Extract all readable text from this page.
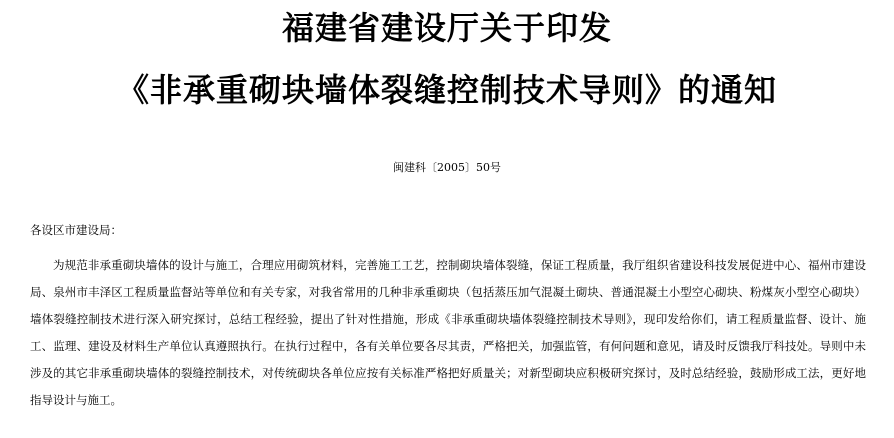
福建省建设厅关于印发
《非承重砌块墙体裂缝控制技术导则》的通知
闽建科〔2005〕50号
各设区市建设局：
为规范非承重砌块墙体的设计与施工，合理应用砌筑材料，完善施工工艺，控制砌块墙体裂缝，保证工程质量，我厅组织省建设科技发展促进中心、福州市建设局、泉州市丰泽区工程质量监督站等单位和有关专家，对我省常用的几种非承重砌块（包括蒸压加气混凝土砌块、普通混凝土小型空心砌块、粉煤灰小型空心砌块）墙体裂缝控制技术进行深入研究探讨，总结工程经验，提出了针对性措施，形成《非承重砌块墙体裂缝控制技术导则》，现印发给你们，请工程质量监督、设计、施工、监理、建设及材料生产单位认真遵照执行。在执行过程中，各有关单位要各尽其责，严格把关，加强监管，有何问题和意见，请及时反馈我厅科技处。导则中未涉及的其它非承重砌块墙体的裂缝控制技术，对传统砌块各单位应按有关标准严格把好质量关；对新型砌块应积极研究探讨，及时总结经验，鼓励形成工法，更好地指导设计与施工。
